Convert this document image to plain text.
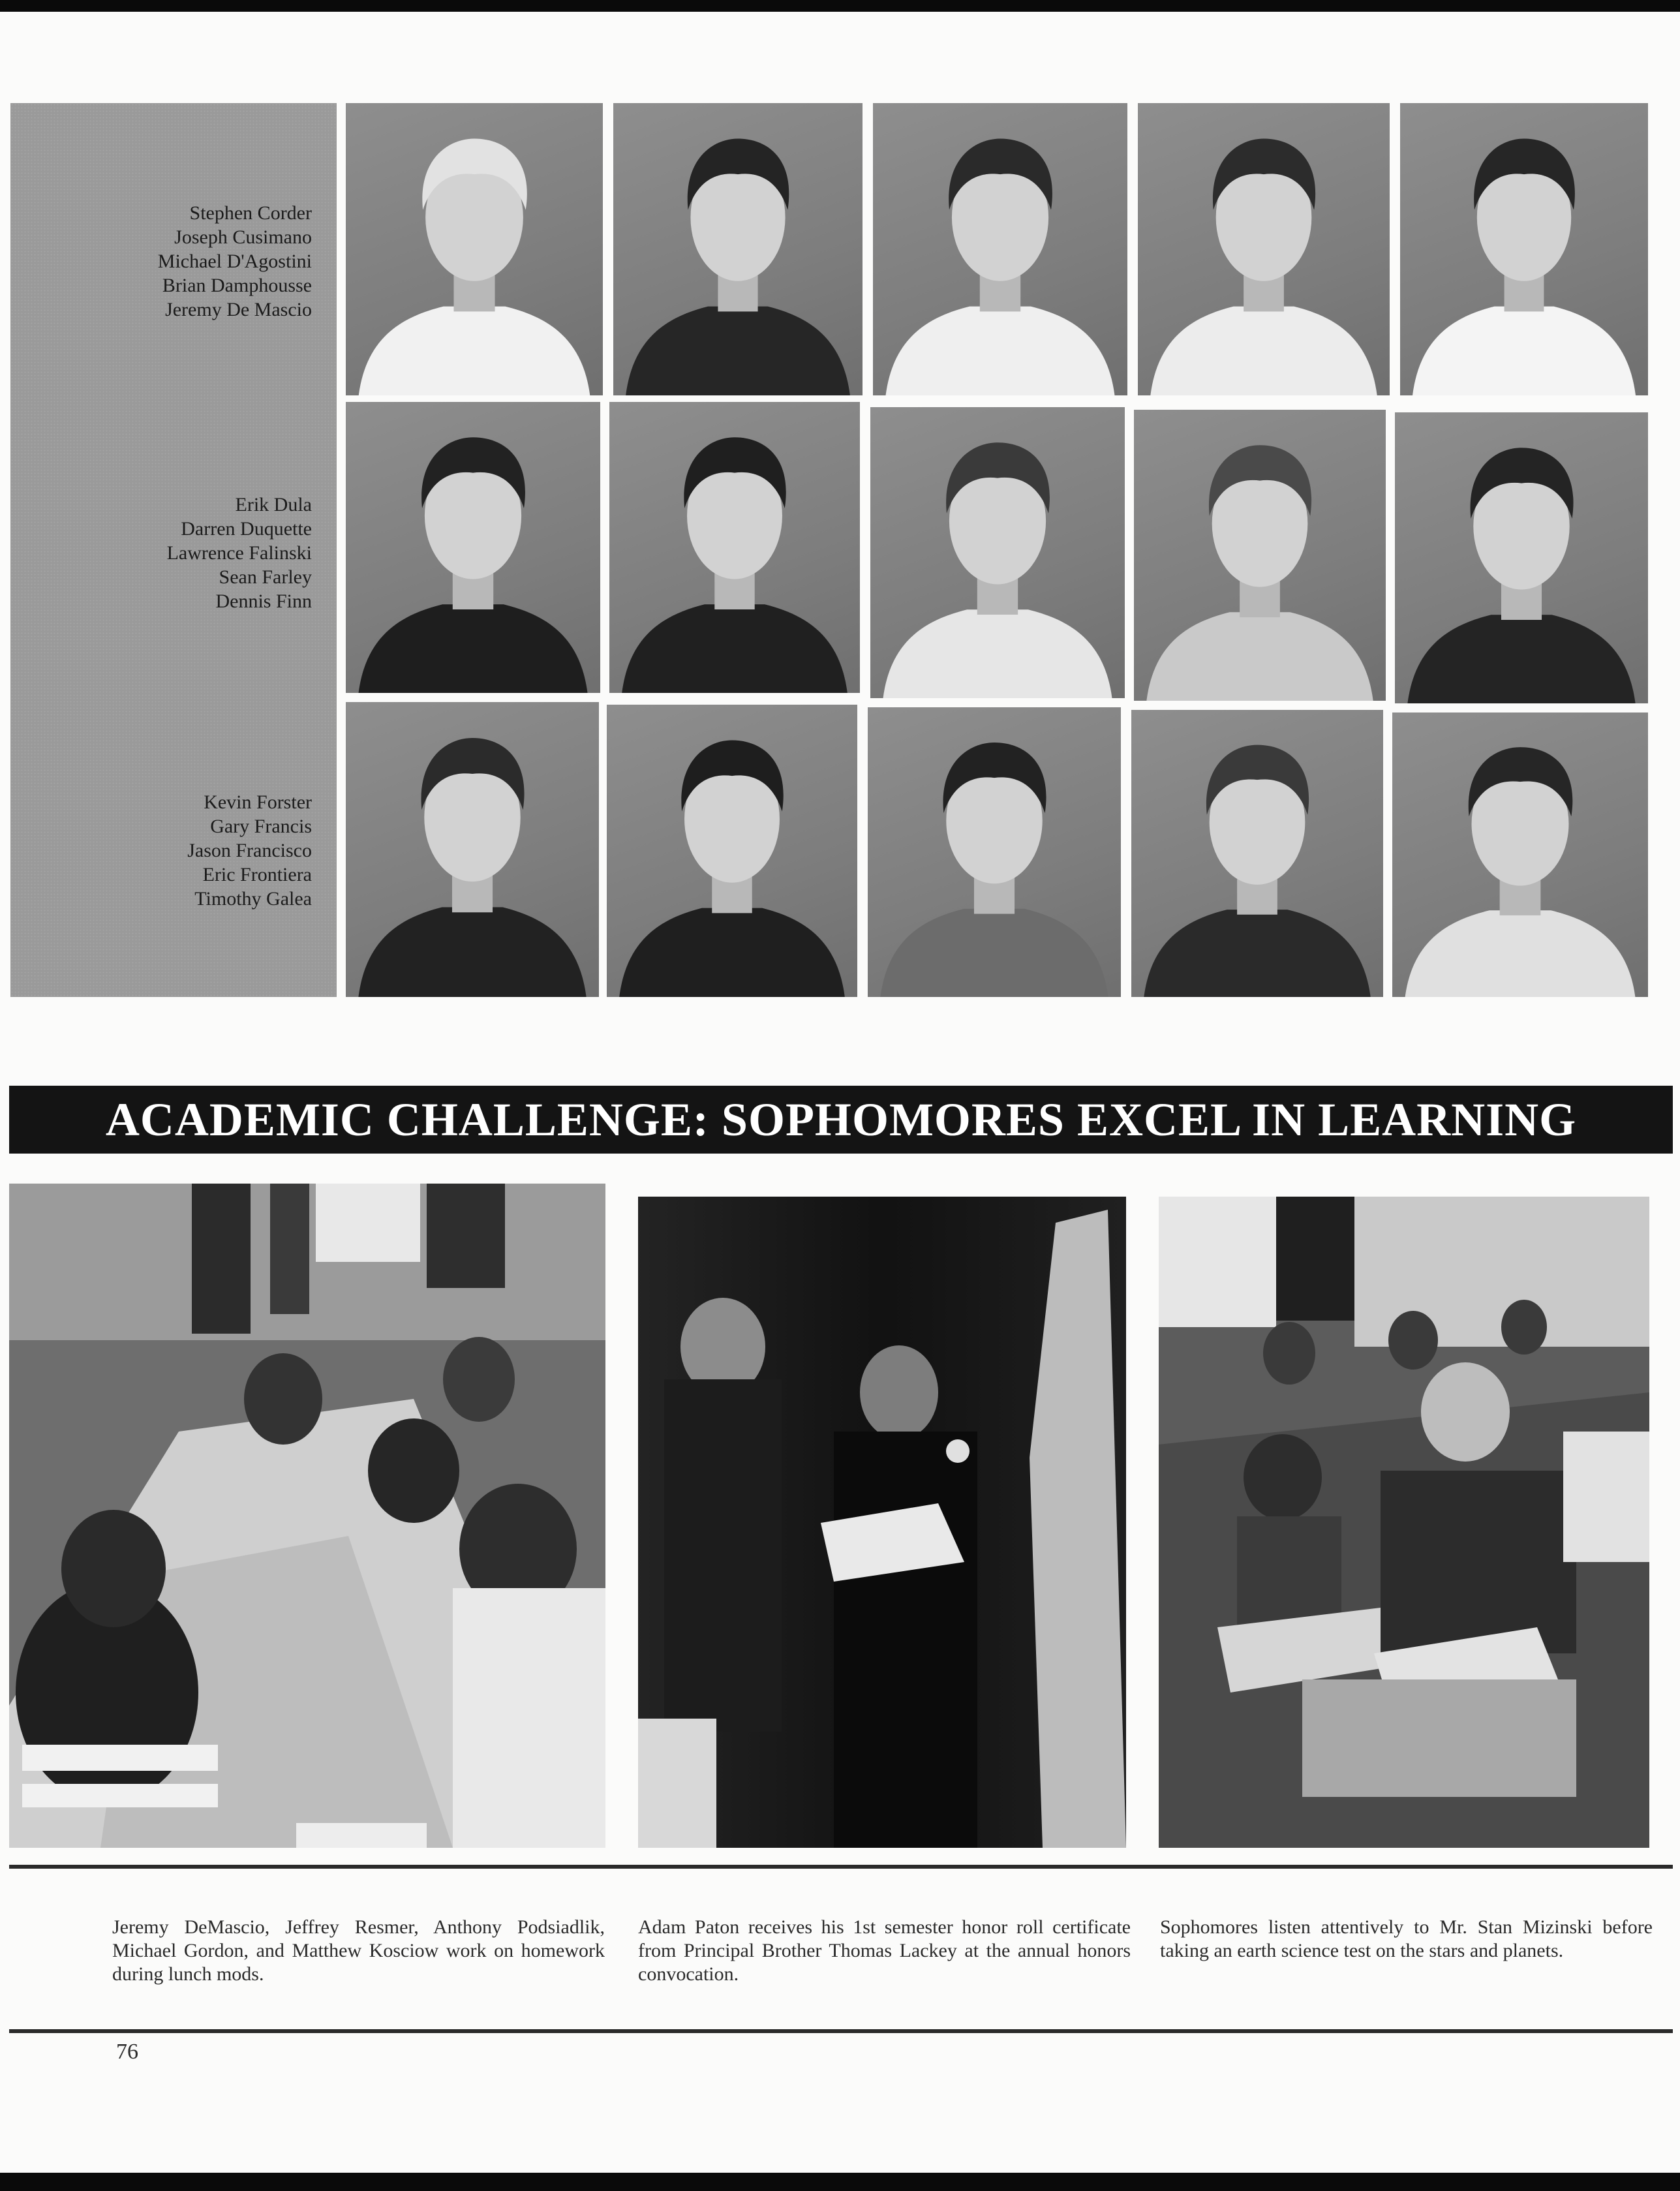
Stephen Corder
Joseph Cusimano
Michael D'Agostini
Brian Damphousse
Jeremy De Mascio
Erik Dula
Darren Duquette
Lawrence Falinski
Sean Farley
Dennis Finn
Kevin Forster
Gary Francis
Jason Francisco
Eric Frontiera
Timothy Galea
ACADEMIC CHALLENGE: SOPHOMORES EXCEL IN LEARNING

Jeremy DeMascio, Jeffrey Resmer, Anthony Podsiadlik, Michael Gordon, and Matthew Kosciow work on homework during lunch mods.

Adam Paton receives his 1st semester honor roll certificate from Principal Brother Thomas Lackey at the annual honors convocation.

Sophomores listen attentively to Mr. Stan Mizinski before taking an earth science test on the stars and planets.

76
